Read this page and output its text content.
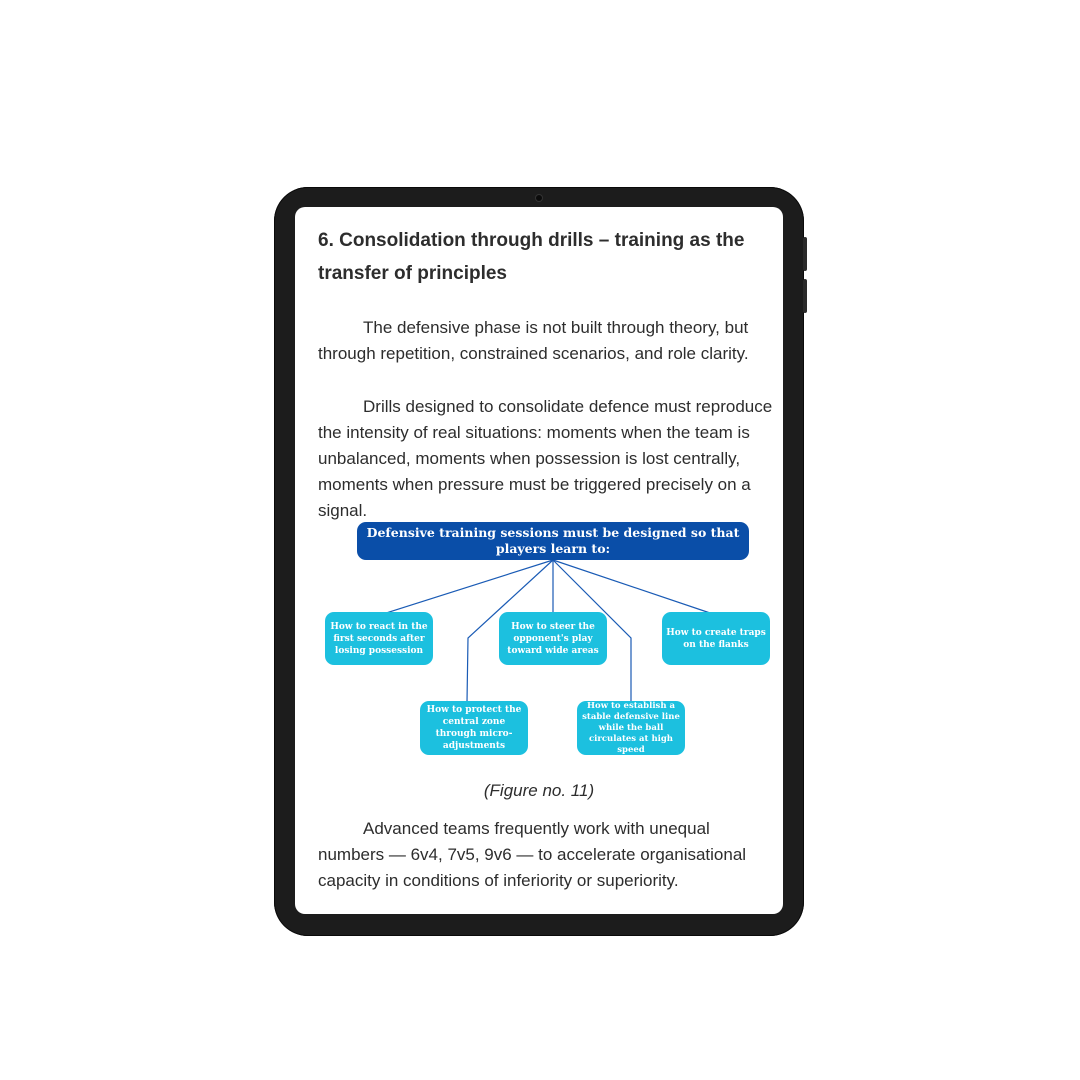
6. Consolidation through drills – training as the transfer of principles
The defensive phase is not built through theory, but through repetition, constrained scenarios, and role clarity.
Drills designed to consolidate defence must reproduce the intensity of real situations: moments when the team is unbalanced, moments when possession is lost centrally, moments when pressure must be triggered precisely on a signal.
Defensive training sessions must be designed so that players learn to:
How to react in the first seconds after losing possession
How to steer the opponent's play toward wide areas
How to create traps on the flanks
How to protect the central zone through micro-adjustments
How to establish a stable defensive line while the ball circulates at high speed
(Figure no. 11)
Advanced teams frequently work with unequal numbers — 6v4, 7v5, 9v6 — to accelerate organisational capacity in conditions of inferiority or superiority.
